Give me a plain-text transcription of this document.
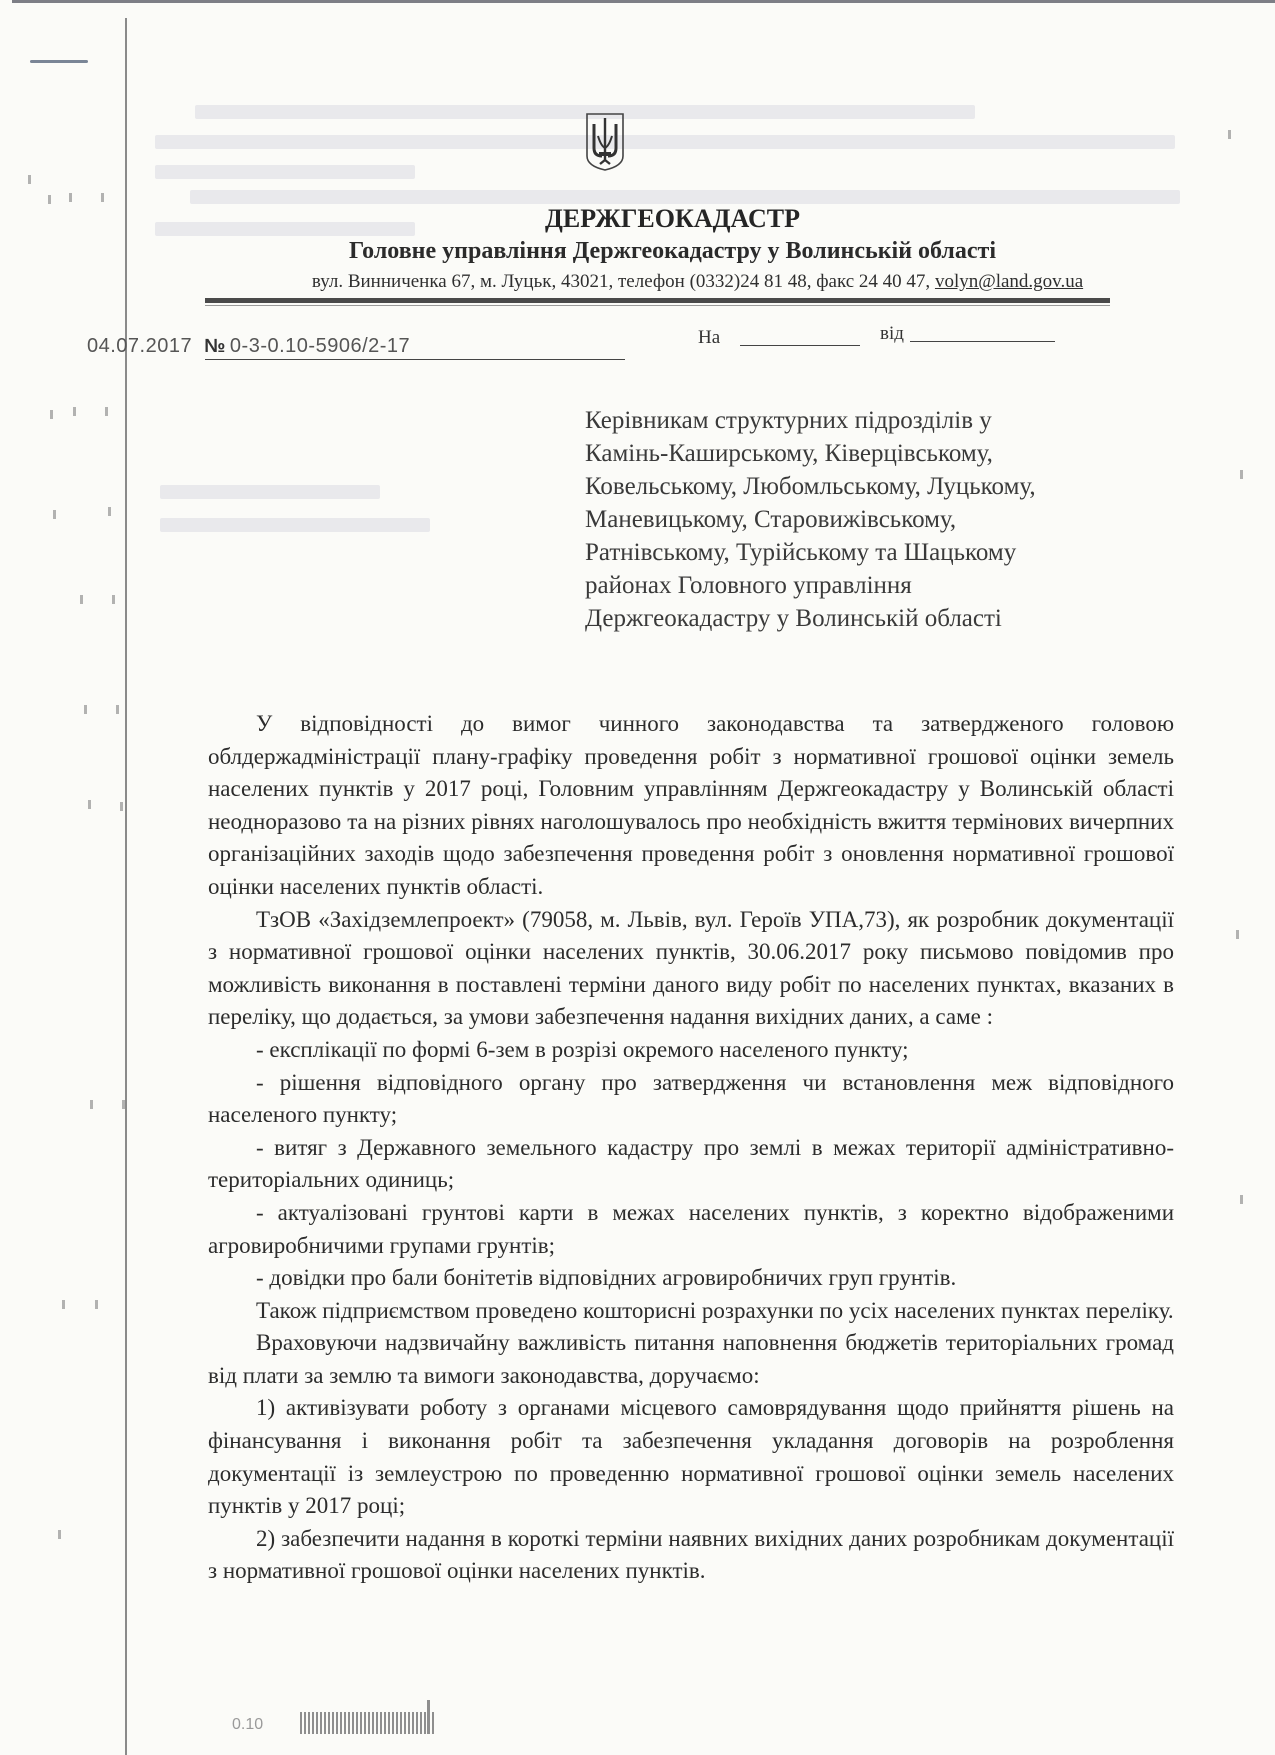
ДЕРЖГЕОКАДАСТР
Головне управління Держгеокадастру у Волинській області
вул. Винниченка 67, м. Луцьк, 43021, телефон (0332)24 81 48, факс 24 40 47, volyn@land.gov.ua
04.07.2017 № 0-3-0.10-5906/2-17	На	від
Керівникам структурних підрозділів у
Камінь-Каширському, Ківерцівському,
Ковельському, Любомльському, Луцькому,
Маневицькому, Старовижівському,
Ратнівському, Турійському та Шацькому
районах Головного управління
Держгеокадастру у Волинській області

У відповідності до вимог чинного законодавства та затвердженого головою облдержадміністрації плану-графіку проведення робіт з нормативної грошової оцінки земель населених пунктів у 2017 році, Головним управлінням Держгеокадастру у Волинській області неодноразово та на різних рівнях наголошувалось про необхідність вжиття термінових вичерпних організаційних заходів щодо забезпечення проведення робіт з оновлення нормативної грошової оцінки населених пунктів області.

ТзОВ «Західземлепроект» (79058, м. Львів, вул. Героїв УПА,73), як розробник документації з нормативної грошової оцінки населених пунктів, 30.06.2017 року письмово повідомив про можливість виконання в поставлені терміни даного виду робіт по населених пунктах, вказаних в переліку, що додається, за умови забезпечення надання вихідних даних, а саме :

- експлікації по формі 6-зем в розрізі окремого населеного пункту;

- рішення відповідного органу про затвердження чи встановлення меж відповідного населеного пункту;

- витяг з Державного земельного кадастру про землі в межах території адміністративно-територіальних одиниць;

- актуалізовані грунтові карти в межах населених пунктів, з коректно відображеними агровиробничими групами грунтів;

- довідки про бали бонітетів відповідних агровиробничих груп грунтів.

Також підприємством проведено кошторисні розрахунки по усіх населених пунктах переліку.

Враховуючи надзвичайну важливість питання наповнення бюджетів територіальних громад від плати за землю та вимоги законодавства, доручаємо:

1) активізувати роботу з органами місцевого самоврядування щодо прийняття рішень на фінансування і виконання робіт та забезпечення укладання договорів на розроблення документації із землеустрою по проведенню нормативної грошової оцінки земель населених пунктів у 2017 році;

2) забезпечити надання в короткі терміни наявних вихідних даних розробникам документації з нормативної грошової оцінки населених пунктів.

0.10
